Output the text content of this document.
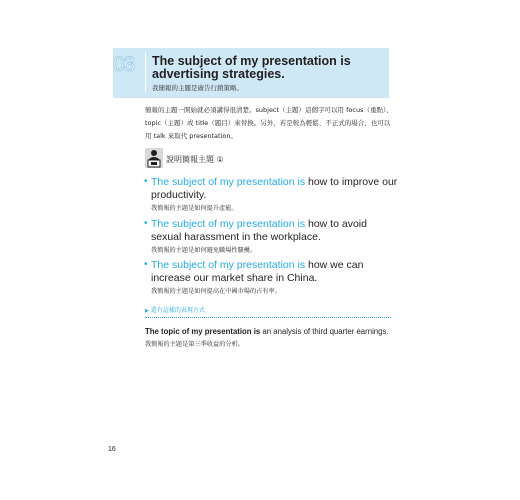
03 The subject of my presentation is advertising strategies.
我簡報的主題是廣告行銷策略。
簡報的主題一開始就必須講得很清楚。subject（主題）這個字可以用 focus（重點）、topic（主題）或 title（題目）來替換。另外，若是較為輕鬆、不正式的場合，也可以用 talk 來取代 presentation。
說明簡報主題 ①
• The subject of my presentation is how to improve our productivity.
我簡報的主題是如何提升產能。
• The subject of my presentation is how to avoid sexual harassment in the workplace.
我簡報的主題是如何避免職場性騷擾。
• The subject of my presentation is how we can increase our market share in China.
我簡報的主題是如何提高在中國市場的占有率。
▶ 還有這樣的表現方式
The topic of my presentation is an analysis of third quarter earnings.
我簡報的主題是第三季收益的分析。
16
